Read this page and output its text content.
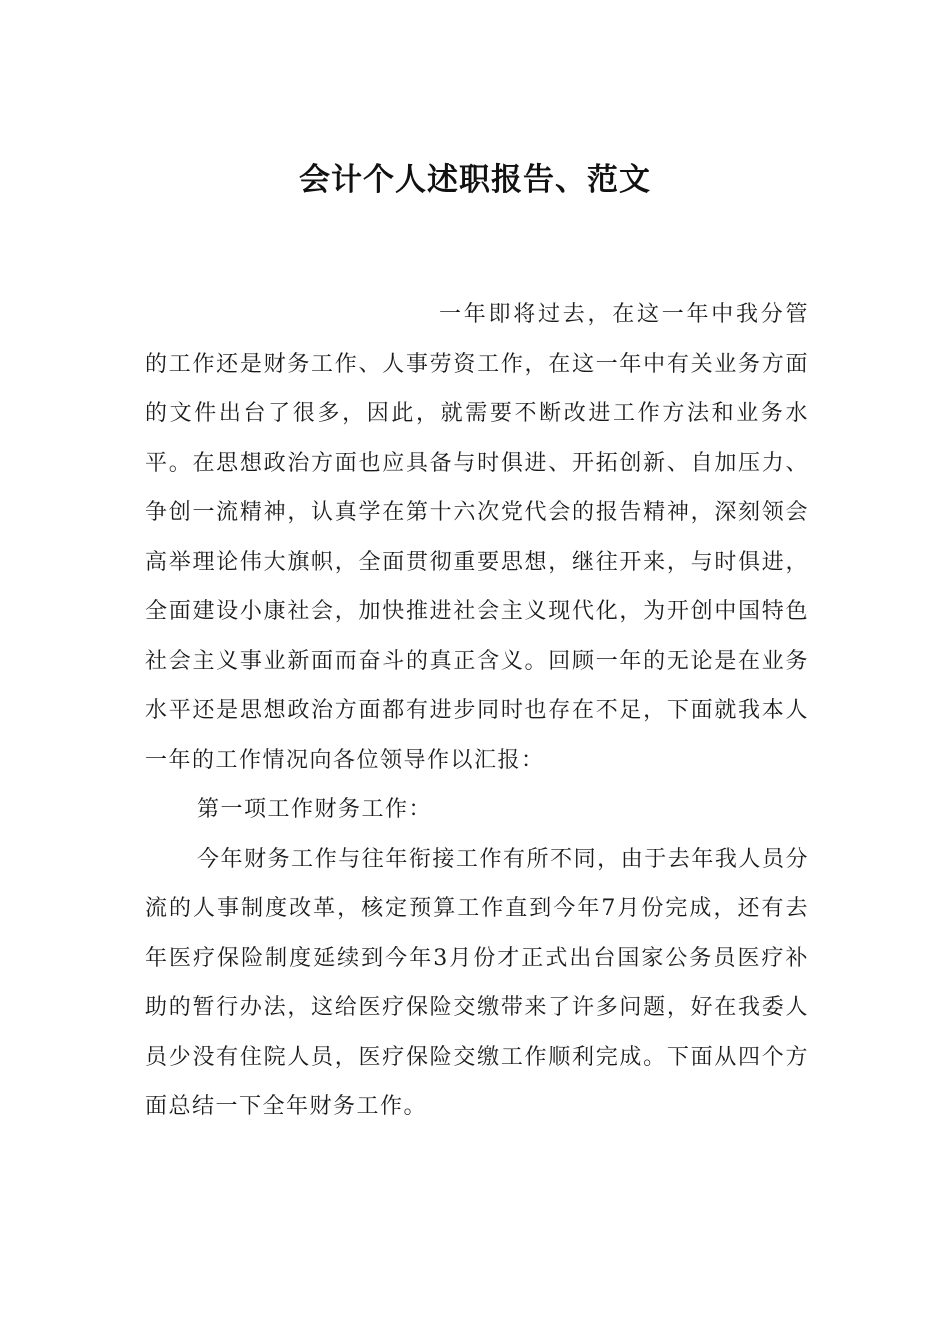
会计个人述职报告、范文

一年即将过去，在这一年中我分管的工作还是财务工作、人事劳资工作，在这一年中有关业务方面的文件出台了很多，因此，就需要不断改进工作方法和业务水平。在思想政治方面也应具备与时俱进、开拓创新、自加压力、争创一流精神，认真学在第十六次党代会的报告精神，深刻领会高举理论伟大旗帜，全面贯彻重要思想，继往开来，与时俱进，全面建设小康社会，加快推进社会主义现代化，为开创中国特色社会主义事业新面而奋斗的真正含义。回顾一年的无论是在业务水平还是思想政治方面都有进步同时也存在不足，下面就我本人一年的工作情况向各位领导作以汇报：

第一项工作财务工作：

今年财务工作与往年衔接工作有所不同，由于去年我人员分流的人事制度改革，核定预算工作直到今年7月份完成，还有去年医疗保险制度延续到今年3月份才正式出台国家公务员医疗补助的暂行办法，这给医疗保险交缴带来了许多问题，好在我委人员少没有住院人员，医疗保险交缴工作顺利完成。下面从四个方面总结一下全年财务工作。
